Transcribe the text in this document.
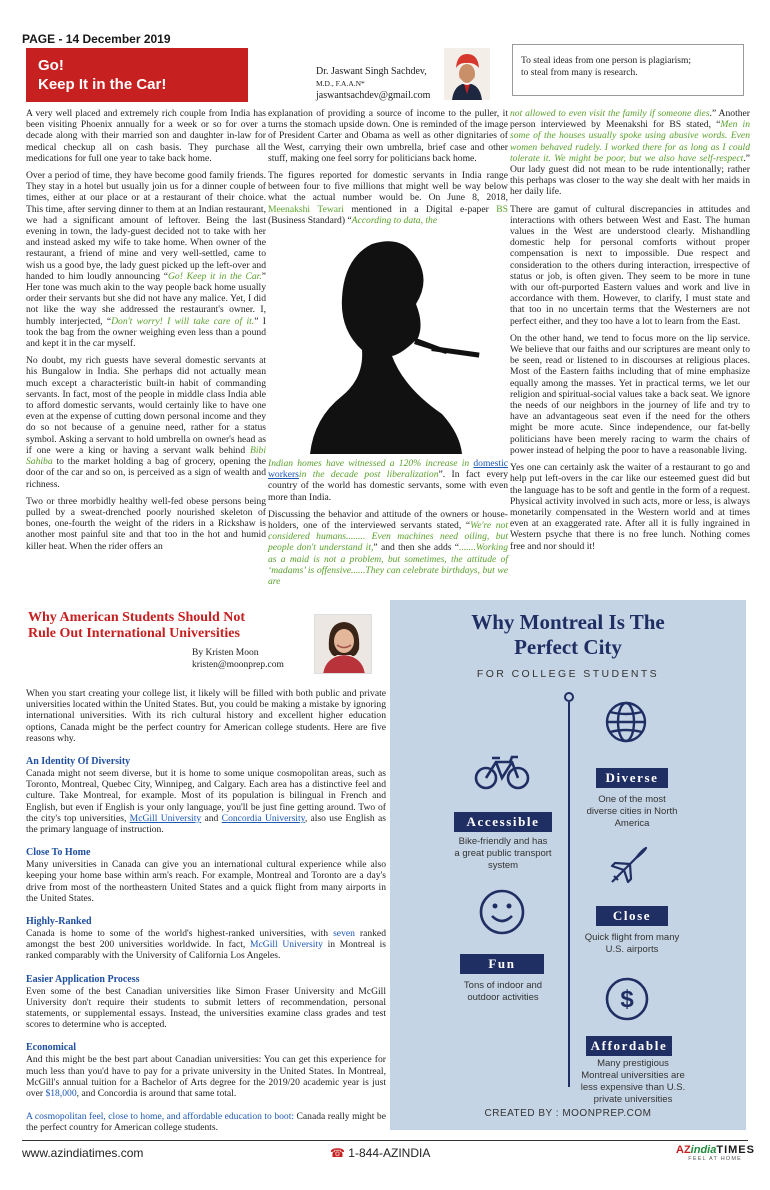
PAGE - 14 December 2019
Go!
Keep It in the Car!
Dr. Jaswant Singh Sachdev,
M.D., F.A.A.N*
jaswantsachdev@gmail.com
To steal ideas from one person is plagiarism;
to steal from many is research.

A very well placed and extremely rich couple from India has been visiting Phoenix annually for a week or so for over a decade along with their married son and daughter in-law for medical checkup all on cash basis. They purchase all medications for full one year to take back home.

Over a period of time, they have become good family friends. They stay in a hotel but usually join us for a dinner couple of times, either at our place or at a restaurant of their choice. This time, after serving dinner to them at an Indian restaurant, we had a significant amount of leftover. Being the last evening in town, the lady-guest decided not to take with her and instead asked my wife to take home. When owner of the restaurant, a friend of mine and very well-settled, came to wish us a good bye, the lady guest picked up the left-over and handed to him loudly announcing “Go! Keep it in the Car.” Her tone was much akin to the way people back home usually order their servants but she did not have any malice. Yet, I did not like the way she addressed the restaurant's owner. I, humbly interjected, “Don't worry! I will take care of it.” I took the bag from the owner weighing even less than a pound and kept it in the car myself.

No doubt, my rich guests have several domestic servants at his Bungalow in India. She perhaps did not actually mean much except a characteristic built-in habit of commanding servants. In fact, most of the people in middle class India able to afford domestic servants, would certainly like to have one even at the expense of cutting down personal income and they do so not because of a genuine need, rather for a status symbol. Asking a servant to hold umbrella on owner's head as if one were a king or having a servant walk behind Bibi Sahiba to the market holding a bag of grocery, opening the door of the car and so on, is perceived as a sign of wealth and richness.

Two or three morbidly healthy well-fed obese persons being pulled by a sweat-drenched poorly nourished skeleton of bones, one-fourth the weight of the riders in a Rickshaw is another most painful site and that too in the hot and humid killer heat. When the rider offers an

explanation of providing a source of income to the puller, it turns the stomach upside down. One is reminded of the image of President Carter and Obama as well as other dignitaries of the West, carrying their own umbrella, brief case and other stuff, making one feel sorry for politicians back home.

The figures reported for domestic servants in India range between four to five millions that might well be way below what the actual number would be. On June 8, 2018, Meenakshi Tewari mentioned in a Digital e-paper BS (Business Standard) “According to data, the

Indian homes have witnessed a 120% increase in domestic workersin the decade post liberalization”. In fact every country of the world has domestic servants, some with even more than India.

Discussing the behavior and attitude of the owners or house-holders, one of the interviewed servants stated, “We're not considered humans........ Even machines need oiling, but people don't understand it,” and then she adds “.......Working as a maid is not a problem, but sometimes, the attitude of ‘madams’ is offensive......They can celebrate birthdays, but we are

not allowed to even visit the family if someone dies.” Another person interviewed by Meenakshi for BS stated, “Men in some of the houses usually spoke using abusive words. Even women behaved rudely. I worked there for as long as I could tolerate it. We might be poor, but we also have self-respect.” Our lady guest did not mean to be rude intentionally; rather this perhaps was closer to the way she dealt with her maids in her daily life.

There are gamut of cultural discrepancies in attitudes and interactions with others between West and East. The human values in the West are understood clearly. Mishandling domestic help for personal comforts without proper compensation is next to impossible. Due respect and consideration to the others during interaction, irrespective of status or job, is often given. They seem to be more in tune with our oft-purported Eastern values and work and live in accordance with them. However, to clarify, I must state and that too in no uncertain terms that the Westerners are not perfect either, and they too have a lot to learn from the East.

On the other hand, we tend to focus more on the lip service. We believe that our faiths and our scriptures are meant only to be seen, read or listened to in discourses at religious places. Most of the Eastern faiths including that of mine emphasize equally among the masses. Yet in practical terms, we let our religion and spiritual-social values take a back seat. We ignore the needs of our neighbors in the journey of life and try to have an advantageous seat even if the need for the others might be more acute. Since independence, our fat-belly politicians have been merely racing to warm the chairs of power instead of helping the poor to have a reasonable living.

Yes one can certainly ask the waiter of a restaurant to go and help put left-overs in the car like our esteemed guest did but the language has to be soft and gentle in the form of a request. Physical activity involved in such acts, more or less, is always monetarily compensated in the Western world and at times even at an exaggerated rate. After all it is fully ingrained in Western psyche that there is no free lunch. Nothing comes free and nor should it!

Why American Students Should Not
Rule Out International Universities
By Kristen Moon
kristen@moonprep.com

When you start creating your college list, it likely will be filled with both public and private universities located within the United States. But, you could be making a mistake by ignoring international universities. With its rich cultural history and excellent higher education options, Canada might be the perfect country for American college students. Here are five reasons why.

An Identity Of Diversity

Canada might not seem diverse, but it is home to some unique cosmopolitan areas, such as Toronto, Montreal, Quebec City, Winnipeg, and Calgary. Each area has a distinctive feel and culture. Take Montreal, for example. Most of its population is bilingual in French and English, but even if English is your only language, you'll be just fine getting around. Two of the city's top universities, McGill University and Concordia University, also use English as the primary language of instruction.

Close To Home

Many universities in Canada can give you an international cultural experience while also keeping your home base within arm's reach. For example, Montreal and Toronto are a day's drive from most of the northeastern United States and a quick flight from many airports in the United States.

Highly-Ranked

Canada is home to some of the world's highest-ranked universities, with seven ranked amongst the best 200 universities worldwide. In fact, McGill University in Montreal is ranked comparably with the University of California Los Angeles.

Easier Application Process

Even some of the best Canadian universities like Simon Fraser University and McGill University don't require their students to submit letters of recommendation, personal statements, or supplemental essays. Instead, the universities examine class grades and test scores to determine who is accepted.

Economical

And this might be the best part about Canadian universities: You can get this experience for much less than you'd have to pay for a private university in the United States. In Montreal, McGill's annual tuition for a Bachelor of Arts degree for the 2019/20 academic year is just over $18,000, and Concordia is around that same total.

A cosmopolitan feel, close to home, and affordable education to boot: Canada really might be the perfect country for American college students.

Why Montreal Is The
Perfect City
FOR COLLEGE STUDENTS
Diverse
One of the most
diverse cities in North
America
Accessible
Bike-friendly and has
a great public transport
system
Close
Quick flight from many
U.S. airports
Fun
Tons of indoor and
outdoor activities	$
Affordable
Many prestigious
Montreal universities are
less expensive than U.S.
private universities
CREATED BY : MOONPREP.COM
www.azindiatimes.com	☎ 1-844-AZINDIA	AZindiaTIMES
FEEL AT HOME
